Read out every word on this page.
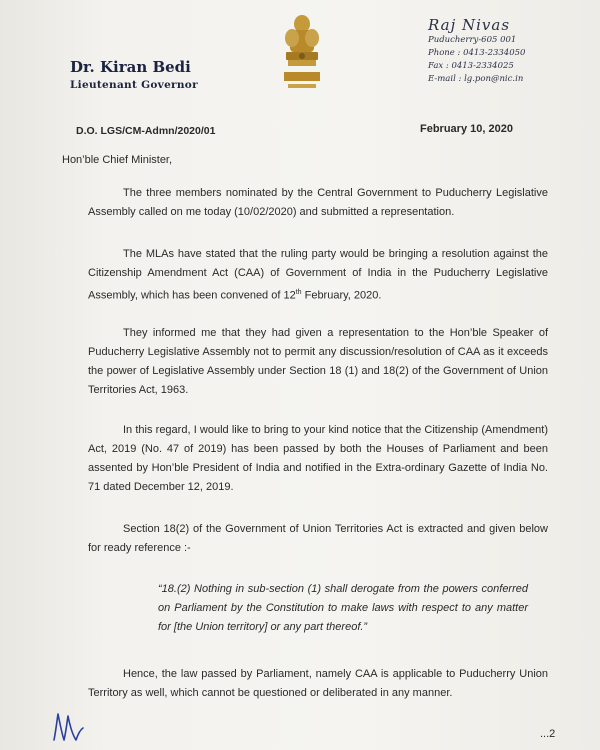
Dr. Kiran Bedi
Lieutenant Governor
Raj Nivas
Puducherry-605 001
Phone : 0413-2334050
Fax : 0413-2334025
E-mail : lg.pon@nic.in
D.O. LGS/CM-Admn/2020/01	February 10, 2020
Hon’ble Chief Minister,
The three members nominated by the Central Government to Puducherry Legislative Assembly called on me today (10/02/2020) and submitted a representation.
The MLAs have stated that the ruling party would be bringing a resolution against the Citizenship Amendment Act (CAA) of Government of India in the Puducherry Legislative Assembly, which has been convened of 12th February, 2020.
They informed me that they had given a representation to the Hon’ble Speaker of Puducherry Legislative Assembly not to permit any discussion/resolution of CAA as it exceeds the power of Legislative Assembly under Section 18 (1) and 18(2) of the Government of Union Territories Act, 1963.
In this regard, I would like to bring to your kind notice that the Citizenship (Amendment) Act, 2019 (No. 47 of 2019) has been passed by both the Houses of Parliament and been assented by Hon’ble President of India and notified in the Extra-ordinary Gazette of India No. 71 dated December 12, 2019.
Section 18(2) of the Government of Union Territories Act is extracted and given below for ready reference :-
“18.(2) Nothing in sub-section (1) shall derogate from the powers conferred on Parliament by the Constitution to make laws with respect to any matter for [the Union territory] or any part thereof.”
Hence, the law passed by Parliament, namely CAA is applicable to Puducherry Union Territory as well, which cannot be questioned or deliberated in any manner.
...2
